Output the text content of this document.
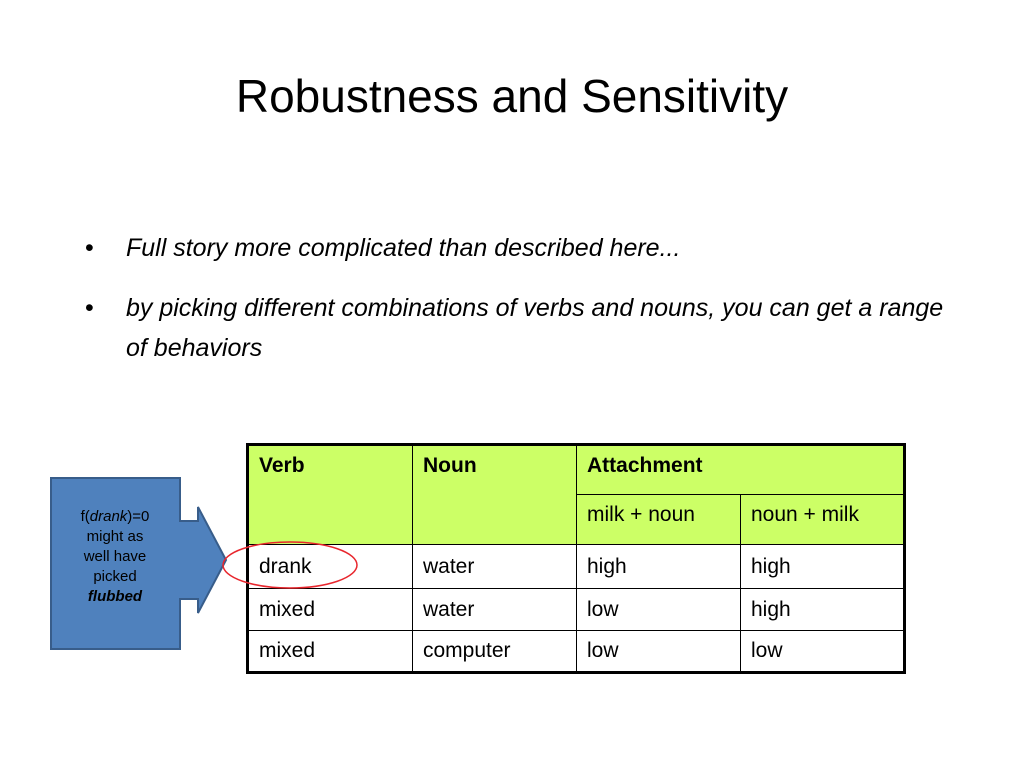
Robustness and Sensitivity
• Full story more complicated than described here...
• by picking different combinations of verbs and nouns, you can get a range of behaviors
Verb	Noun	Attachment	
		milk + noun	noun + milk
drank	water	high	high
mixed	water	low	high
mixed	computer	low	low
f(drank)=0
might as
well have
picked
flubbed
